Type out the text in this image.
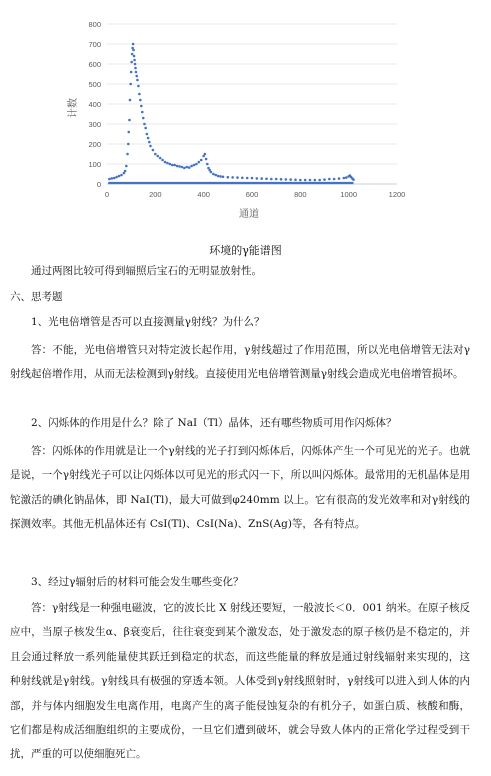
0	200	400	600	800	1000	1200
0
100
200
300
400
500
600
700
800
通道
计数
环境的γ能谱图
通过两图比较可得到辐照后宝石的无明显放射性。
六、思考题
1、光电倍增管是否可以直接测量γ射线？为什么？
答：不能，光电倍增管只对特定波长起作用，γ射线超过了作用范围，所以光电倍增管无法对γ射线起倍增作用，从而无法检测到γ射线。直接使用光电倍增管测量γ射线会造成光电倍增管损坏。
2、闪烁体的作用是什么？除了 NaI（Tl）晶体，还有哪些物质可用作闪烁体？
答：闪烁体的作用就是让一个γ射线的光子打到闪烁体后，闪烁体产生一个可见光的光子。也就是说，一个γ射线光子可以让闪烁体以可见光的形式闪一下，所以叫闪烁体。最常用的无机晶体是用铊激活的碘化钠晶体，即 NaI(Tl)，最大可做到φ240mm 以上。它有很高的发光效率和对γ射线的探测效率。其他无机晶体还有 CsI(Tl)、CsI(Na)、ZnS(Ag)等，各有特点。
3、经过γ辐射后的材料可能会发生哪些变化？
答：γ射线是一种强电磁波，它的波长比 X 射线还要短，一般波长＜0．001 纳米。在原子核反应中，当原子核发生α、β衰变后，往往衰变到某个激发态，处于激发态的原子核仍是不稳定的，并且会通过释放一系列能量使其跃迁到稳定的状态，而这些能量的释放是通过射线辐射来实现的，这种射线就是γ射线。γ射线具有极强的穿透本领。人体受到γ射线照射时，γ射线可以进入到人体的内部，并与体内细胞发生电离作用，电离产生的离子能侵蚀复杂的有机分子，如蛋白质、核酸和酶，它们都是构成活细胞组织的主要成份，一旦它们遭到破坏，就会导致人体内的正常化学过程受到干扰，严重的可以使细胞死亡。
